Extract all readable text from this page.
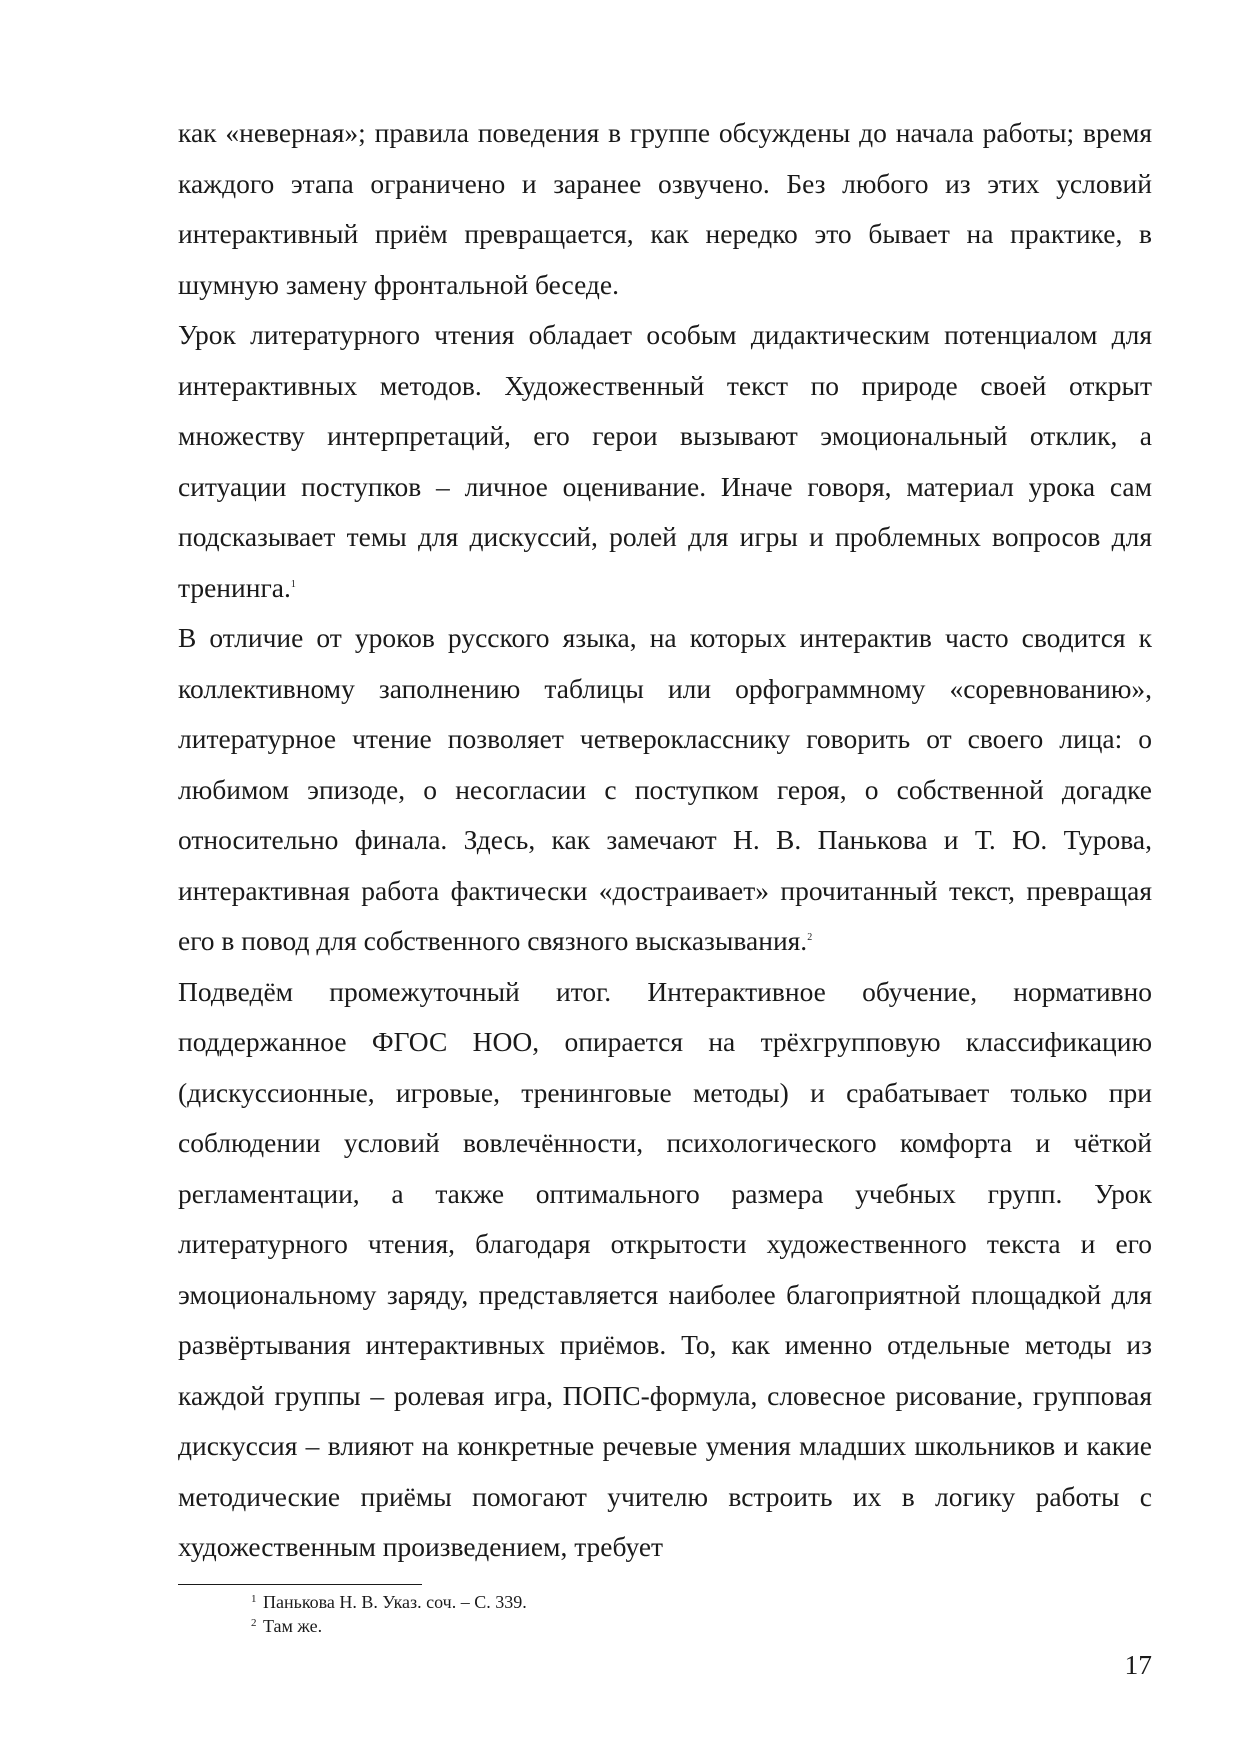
как «неверная»; правила поведения в группе обсуждены до начала работы; время каждого этапа ограничено и заранее озвучено. Без любого из этих условий интерактивный приём превращается, как нередко это бывает на практике, в шумную замену фронтальной беседе.

Урок литературного чтения обладает особым дидактическим потенциалом для интерактивных методов. Художественный текст по природе своей открыт множеству интерпретаций, его герои вызывают эмоциональный отклик, а ситуации поступков – личное оценивание. Иначе говоря, материал урока сам подсказывает темы для дискуссий, ролей для игры и проблемных вопросов для тренинга.$^1$

В отличие от уроков русского языка, на которых интерактив часто сводится к коллективному заполнению таблицы или орфограммному «соревнованию», литературное чтение позволяет четверокласснику говорить от своего лица: о любимом эпизоде, о несогласии с поступком героя, о собственной догадке относительно финала. Здесь, как замечают Н. В. Панькова и Т. Ю. Турова, интерактивная работа фактически «достраивает» прочитанный текст, превращая его в повод для собственного связного высказывания.$^2$

Подведём промежуточный итог. Интерактивное обучение, нормативно поддержанное ФГОС НОО, опирается на трёхгрупповую классификацию (дискуссионные, игровые, тренинговые методы) и срабатывает только при соблюдении условий вовлечённости, психологического комфорта и чёткой регламентации, а также оптимального размера учебных групп. Урок литературного чтения, благодаря открытости художественного текста и его эмоциональному заряду, представляется наиболее благоприятной площадкой для развёртывания интерактивных приёмов. То, как именно отдельные методы из каждой группы – ролевая игра, ПОПС-формула, словесное рисование, групповая дискуссия – влияют на конкретные речевые умения младших школьников и какие методические приёмы помогают учителю встроить их в логику работы с художественным произведением, требует

$^1$ Панькова Н. В. Указ. соч. – С. 339.
$^2$ Там же.
17
